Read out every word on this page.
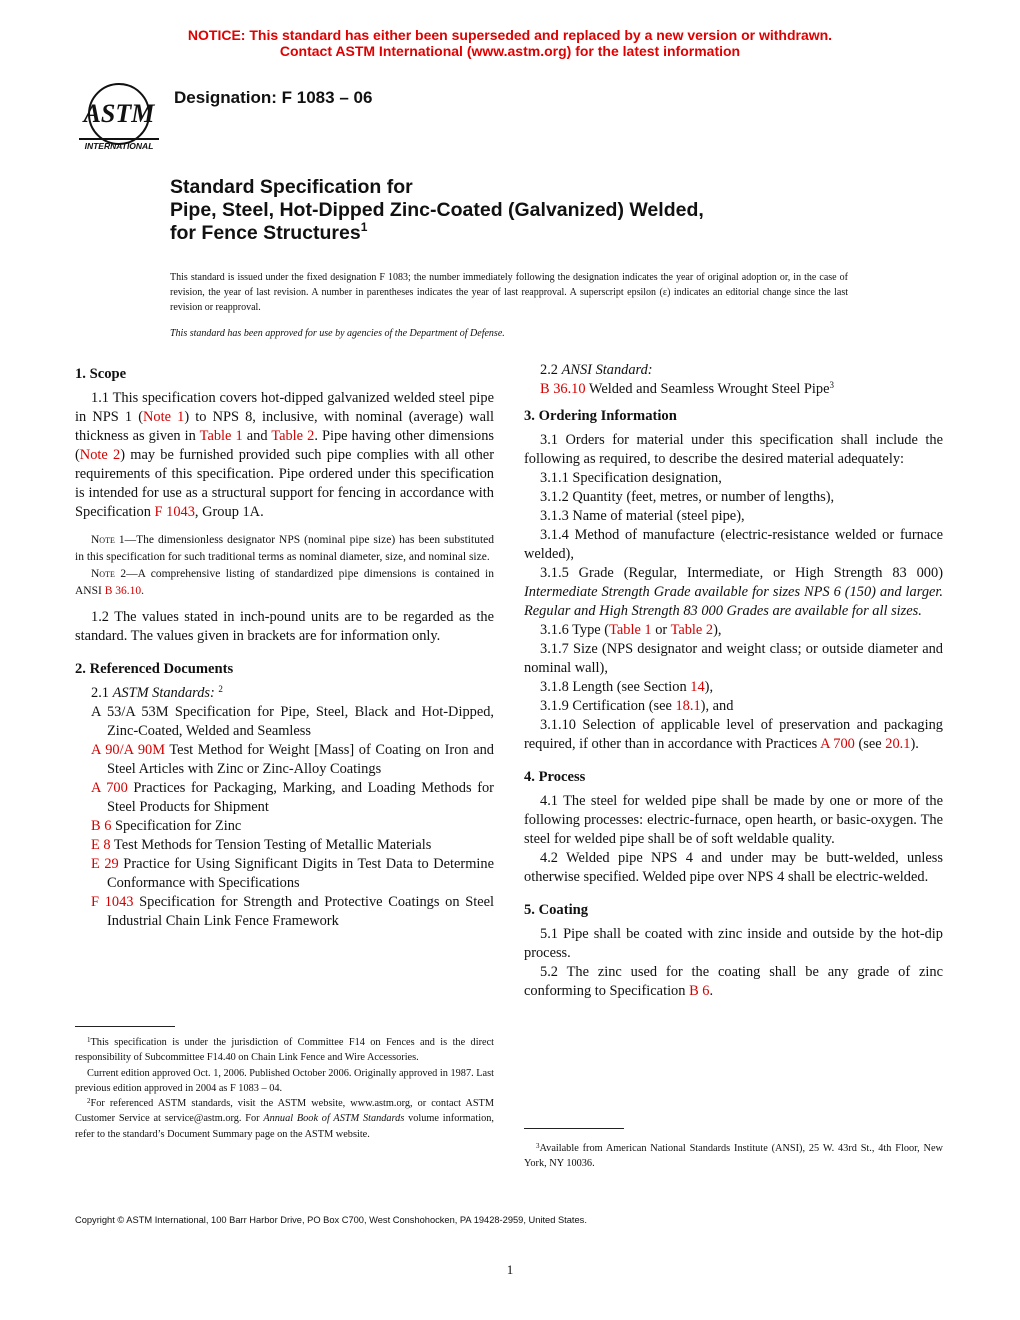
NOTICE: This standard has either been superseded and replaced by a new version or withdrawn.
Contact ASTM International (www.astm.org) for the latest information
ASTM
INTERNATIONAL
Designation: F 1083 – 06
Standard Specification for
Pipe, Steel, Hot-Dipped Zinc-Coated (Galvanized) Welded,
for Fence Structures$^1$
This standard is issued under the fixed designation F 1083; the number immediately following the designation indicates the year of original adoption or, in the case of revision, the year of last revision. A number in parentheses indicates the year of last reapproval. A superscript epsilon (ε) indicates an editorial change since the last revision or reapproval.
This standard has been approved for use by agencies of the Department of Defense.
1. Scope

1.1 This specification covers hot-dipped galvanized welded steel pipe in NPS 1 (Note 1) to NPS 8, inclusive, with nominal (average) wall thickness as given in Table 1 and Table 2. Pipe having other dimensions (Note 2) may be furnished provided such pipe complies with all other requirements of this specification. Pipe ordered under this specification is intended for use as a structural support for fencing in accordance with Specification F 1043, Group 1A.

Note 1—The dimensionless designator NPS (nominal pipe size) has been substituted in this specification for such traditional terms as nominal diameter, size, and nominal size.

Note 2—A comprehensive listing of standardized pipe dimensions is contained in ANSI B 36.10.

1.2 The values stated in inch-pound units are to be regarded as the standard. The values given in brackets are for information only.

2. Referenced Documents

2.1 ASTM Standards: $^2$

A 53/A 53M Specification for Pipe, Steel, Black and Hot-Dipped, Zinc-Coated, Welded and Seamless

A 90/A 90M Test Method for Weight [Mass] of Coating on Iron and Steel Articles with Zinc or Zinc-Alloy Coatings

A 700 Practices for Packaging, Marking, and Loading Methods for Steel Products for Shipment

B 6 Specification for Zinc

E 8 Test Methods for Tension Testing of Metallic Materials

E 29 Practice for Using Significant Digits in Test Data to Determine Conformance with Specifications

F 1043 Specification for Strength and Protective Coatings on Steel Industrial Chain Link Fence Framework

2.2 ANSI Standard:

B 36.10 Welded and Seamless Wrought Steel Pipe$^3$

3. Ordering Information

3.1 Orders for material under this specification shall include the following as required, to describe the desired material adequately:

3.1.1 Specification designation,

3.1.2 Quantity (feet, metres, or number of lengths),

3.1.3 Name of material (steel pipe),

3.1.4 Method of manufacture (electric-resistance welded or furnace welded),

3.1.5 Grade (Regular, Intermediate, or High Strength 83 000) Intermediate Strength Grade available for sizes NPS 6 (150) and larger. Regular and High Strength 83 000 Grades are available for all sizes.

3.1.6 Type (Table 1 or Table 2),

3.1.7 Size (NPS designator and weight class; or outside diameter and nominal wall),

3.1.8 Length (see Section 14),

3.1.9 Certification (see 18.1), and

3.1.10 Selection of applicable level of preservation and packaging required, if other than in accordance with Practices A 700 (see 20.1).

4. Process

4.1 The steel for welded pipe shall be made by one or more of the following processes: electric-furnace, open hearth, or basic-oxygen. The steel for welded pipe shall be of soft weldable quality.

4.2 Welded pipe NPS 4 and under may be butt-welded, unless otherwise specified. Welded pipe over NPS 4 shall be electric-welded.

5. Coating

5.1 Pipe shall be coated with zinc inside and outside by the hot-dip process.

5.2 The zinc used for the coating shall be any grade of zinc conforming to Specification B 6.

$^1$This specification is under the jurisdiction of Committee F14 on Fences and is the direct responsibility of Subcommittee F14.40 on Chain Link Fence and Wire Accessories.

Current edition approved Oct. 1, 2006. Published October 2006. Originally approved in 1987. Last previous edition approved in 2004 as F 1083 – 04.

$^2$For referenced ASTM standards, visit the ASTM website, www.astm.org, or contact ASTM Customer Service at service@astm.org. For Annual Book of ASTM Standards volume information, refer to the standard’s Document Summary page on the ASTM website.

$^3$Available from American National Standards Institute (ANSI), 25 W. 43rd St., 4th Floor, New York, NY 10036.

Copyright © ASTM International, 100 Barr Harbor Drive, PO Box C700, West Conshohocken, PA 19428-2959, United States.
1
